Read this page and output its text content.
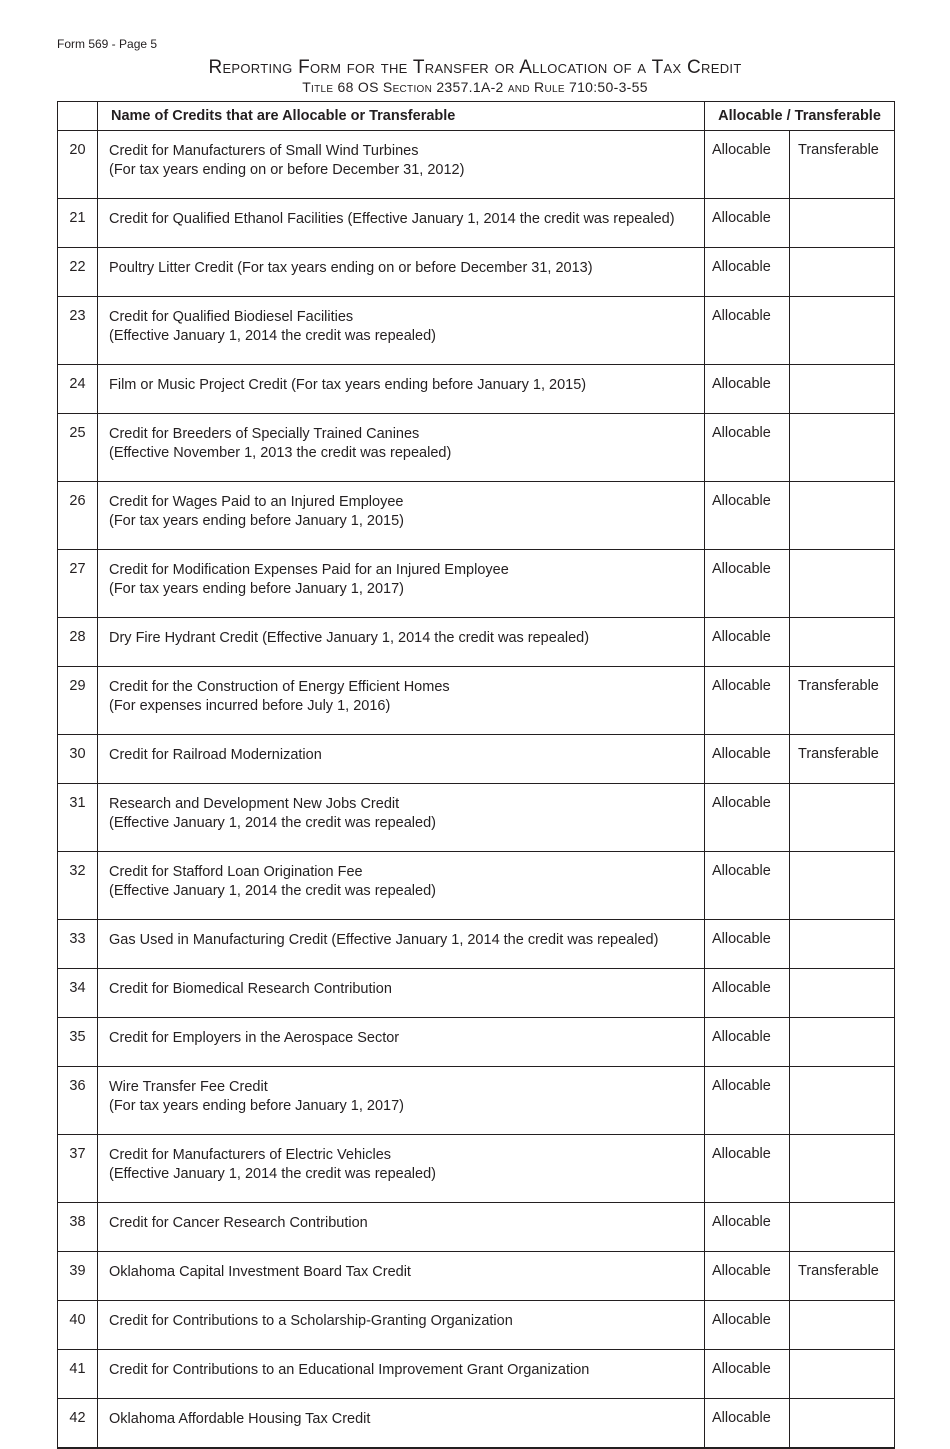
Form 569 - Page 5
Reporting Form for the Transfer or Allocation of a Tax Credit
Title 68 OS Section 2357.1A-2 and Rule 710:50-3-55
	Name of Credits that are Allocable or Transferable	Allocable / Transferable	
20	Credit for Manufacturers of Small Wind Turbines
(For tax years ending on or before December 31, 2012)	Allocable	Transferable
21	Credit for Qualified Ethanol Facilities (Effective January 1, 2014 the credit was repealed)	Allocable	
22	Poultry Litter Credit (For tax years ending on or before December 31, 2013)	Allocable	
23	Credit for Qualified Biodiesel Facilities
(Effective January 1, 2014 the credit was repealed)	Allocable	
24	Film or Music Project Credit (For tax years ending before January 1, 2015)	Allocable	
25	Credit for Breeders of Specially Trained Canines
(Effective November 1, 2013 the credit was repealed)	Allocable	
26	Credit for Wages Paid to an Injured Employee
(For tax years ending before January 1, 2015)	Allocable	
27	Credit for Modification Expenses Paid for an Injured Employee
(For tax years ending before January 1, 2017)	Allocable	
28	Dry Fire Hydrant Credit (Effective January 1, 2014 the credit was repealed)	Allocable	
29	Credit for the Construction of Energy Efficient Homes
(For expenses incurred before July 1, 2016)	Allocable	Transferable
30	Credit for Railroad Modernization	Allocable	Transferable
31	Research and Development New Jobs Credit
(Effective January 1, 2014 the credit was repealed)	Allocable	
32	Credit for Stafford Loan Origination Fee
(Effective January 1, 2014 the credit was repealed)	Allocable	
33	Gas Used in Manufacturing Credit (Effective January 1, 2014 the credit was repealed)	Allocable	
34	Credit for Biomedical Research Contribution	Allocable	
35	Credit for Employers in the Aerospace Sector	Allocable	
36	Wire Transfer Fee Credit
(For tax years ending before January 1, 2017)	Allocable	
37	Credit for Manufacturers of Electric Vehicles
(Effective January 1, 2014 the credit was repealed)	Allocable	
38	Credit for Cancer Research Contribution	Allocable	
39	Oklahoma Capital Investment Board Tax Credit	Allocable	Transferable
40	Credit for Contributions to a Scholarship-Granting Organization	Allocable	
41	Credit for Contributions to an Educational Improvement Grant Organization	Allocable	
42	Oklahoma Affordable Housing Tax Credit	Allocable	
